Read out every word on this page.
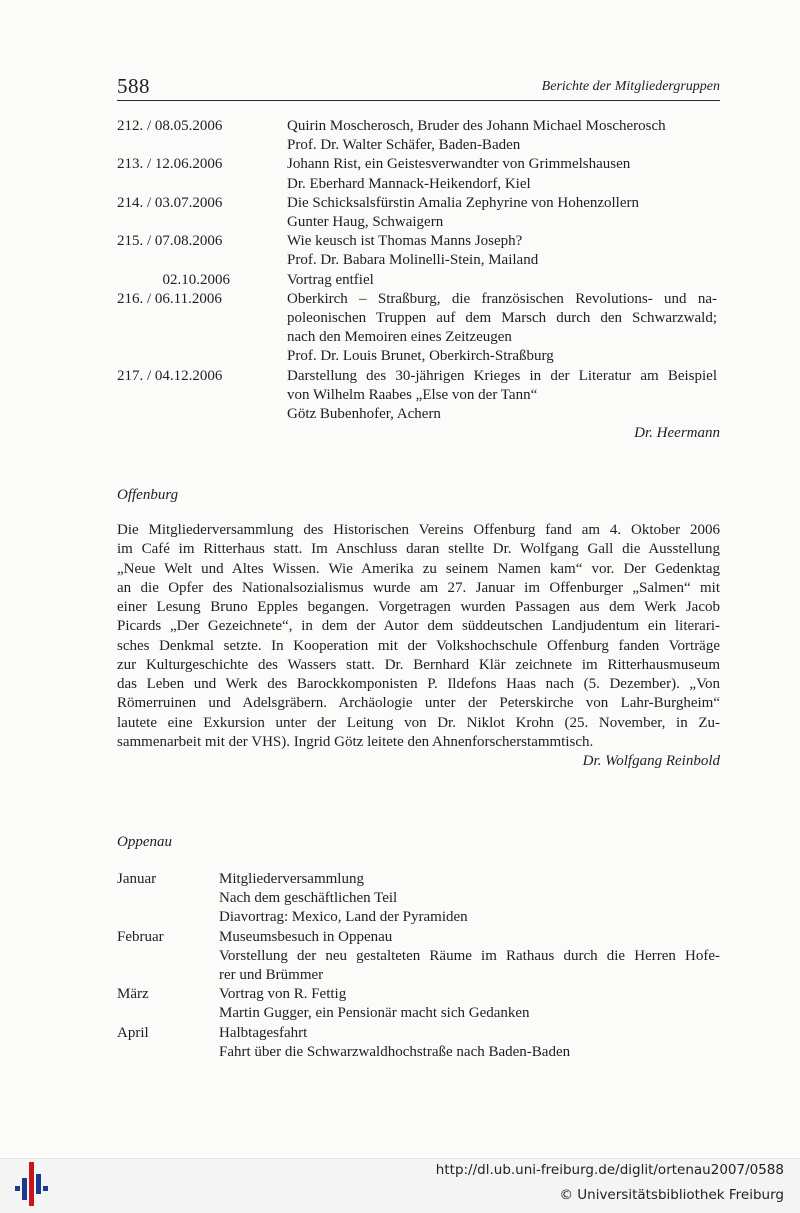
588	Berichte der Mitgliedergruppen
212. / 08.05.2006	Quirin Moscherosch, Bruder des Johann Michael Moscherosch
Prof. Dr. Walter Schäfer, Baden-Baden
213. / 12.06.2006	Johann Rist, ein Geistesverwandter von Grimmelshausen
Dr. Eberhard Mannack-Heikendorf, Kiel
214. / 03.07.2006	Die Schicksalsfürstin Amalia Zephyrine von Hohenzollern
Gunter Haug, Schwaigern
215. / 07.08.2006	Wie keusch ist Thomas Manns Joseph?
Prof. Dr. Babara Molinelli-Stein, Mailand
02.10.2006	Vortrag entfiel
216. / 06.11.2006	Oberkirch – Straßburg, die französischen Revolutions- und na-
poleonischen Truppen auf dem Marsch durch den Schwarzwald;
nach den Memoiren eines Zeitzeugen
Prof. Dr. Louis Brunet, Oberkirch-Straßburg
217. / 04.12.2006	Darstellung des 30-jährigen Krieges in der Literatur am Beispiel
von Wilhelm Raabes „Else von der Tann“
Götz Bubenhofer, Achern
Dr. Heermann
Offenburg
Die Mitgliederversammlung des Historischen Vereins Offenburg fand am 4. Oktober 2006
im Café im Ritterhaus statt. Im Anschluss daran stellte Dr. Wolfgang Gall die Ausstellung
„Neue Welt und Altes Wissen. Wie Amerika zu seinem Namen kam“ vor. Der Gedenktag
an die Opfer des Nationalsozialismus wurde am 27. Januar im Offenburger „Salmen“ mit
einer Lesung Bruno Epples begangen. Vorgetragen wurden Passagen aus dem Werk Jacob
Picards „Der Gezeichnete“, in dem der Autor dem süddeutschen Landjudentum ein literari-
sches Denkmal setzte. In Kooperation mit der Volkshochschule Offenburg fanden Vorträge
zur Kulturgeschichte des Wassers statt. Dr. Bernhard Klär zeichnete im Ritterhausmuseum
das Leben und Werk des Barockkomponisten P. Ildefons Haas nach (5. Dezember). „Von
Römerruinen und Adelsgräbern. Archäologie unter der Peterskirche von Lahr-Burgheim“
lautete eine Exkursion unter der Leitung von Dr. Niklot Krohn (25. November, in Zu-
sammenarbeit mit der VHS). Ingrid Götz leitete den Ahnenforscherstammtisch.
Dr. Wolfgang Reinbold
Oppenau
Januar	Mitgliederversammlung
Nach dem geschäftlichen Teil
Diavortrag: Mexico, Land der Pyramiden
Februar	Museumsbesuch in Oppenau
Vorstellung der neu gestalteten Räume im Rathaus durch die Herren Hofe-
rer und Brümmer
März	Vortrag von R. Fettig
Martin Gugger, ein Pensionär macht sich Gedanken
April	Halbtagesfahrt
Fahrt über die Schwarzwaldhochstraße nach Baden-Baden
http://dl.ub.uni-freiburg.de/diglit/ortenau2007/0588
© Universitätsbibliothek Freiburg
